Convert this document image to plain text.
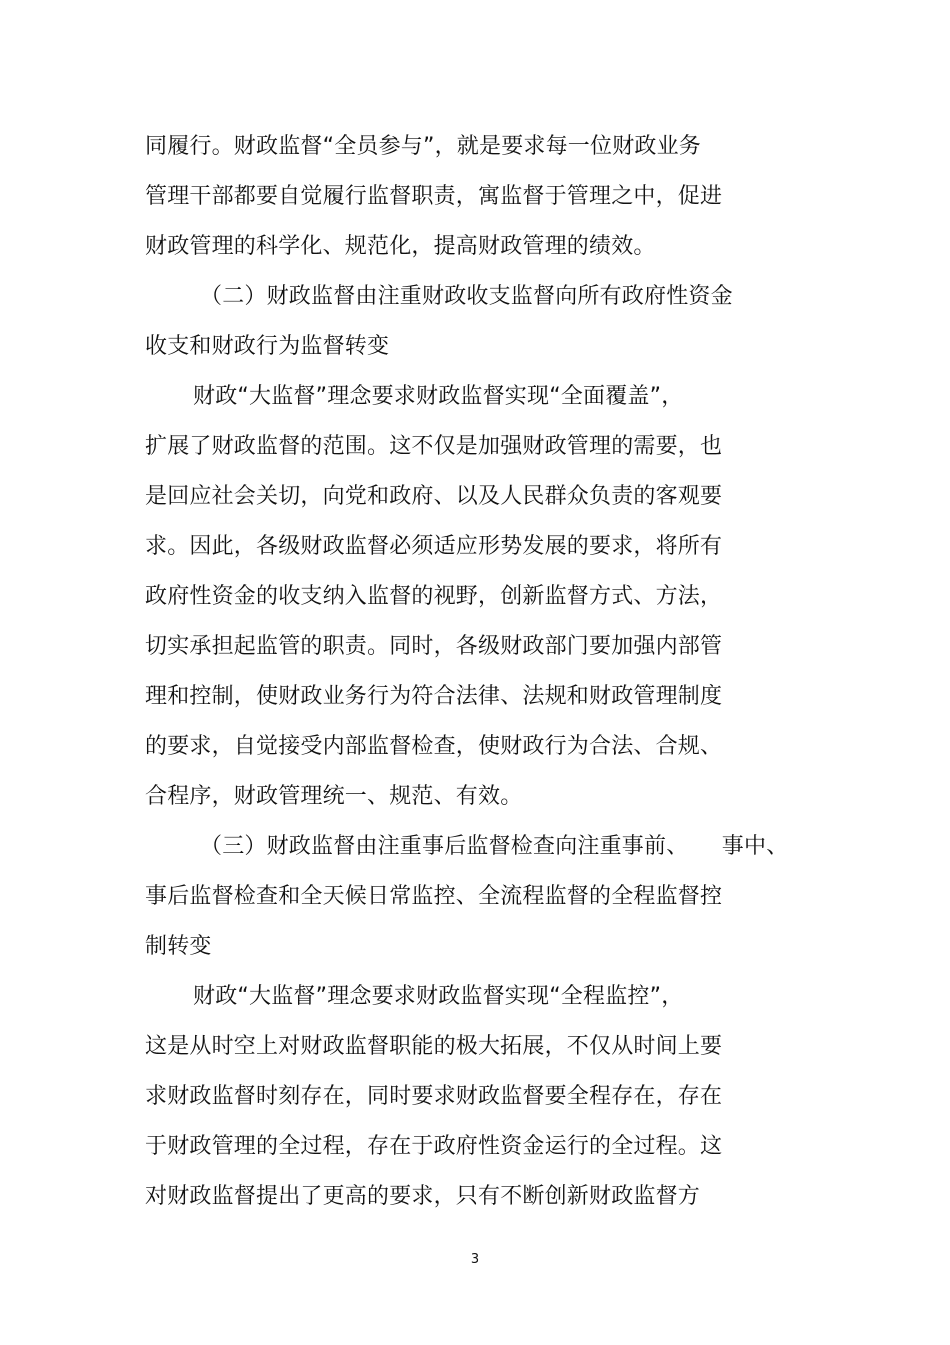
同履行。财政监督“全员参与”，就是要求每一位财政业务
管理干部都要自觉履行监督职责，寓监督于管理之中，促进
财政管理的科学化、规范化，提高财政管理的绩效。
（二）财政监督由注重财政收支监督向所有政府性资金
收支和财政行为监督转变
财政“大监督”理念要求财政监督实现“全面覆盖”，
扩展了财政监督的范围。这不仅是加强财政管理的需要，也
是回应社会关切，向党和政府、以及人民群众负责的客观要
求。因此，各级财政监督必须适应形势发展的要求，将所有
政府性资金的收支纳入监督的视野，创新监督方式、方法，
切实承担起监管的职责。同时，各级财政部门要加强内部管
理和控制，使财政业务行为符合法律、法规和财政管理制度
的要求，自觉接受内部监督检查，使财政行为合法、合规、
合程序，财政管理统一、规范、有效。
（三）财政监督由注重事后监督检查向注重事前、　　事中、
事后监督检查和全天候日常监控、全流程监督的全程监督控
制转变
财政“大监督”理念要求财政监督实现“全程监控”，
这是从时空上对财政监督职能的极大拓展，不仅从时间上要
求财政监督时刻存在，同时要求财政监督要全程存在，存在
于财政管理的全过程，存在于政府性资金运行的全过程。这
对财政监督提出了更高的要求，只有不断创新财政监督方
3
